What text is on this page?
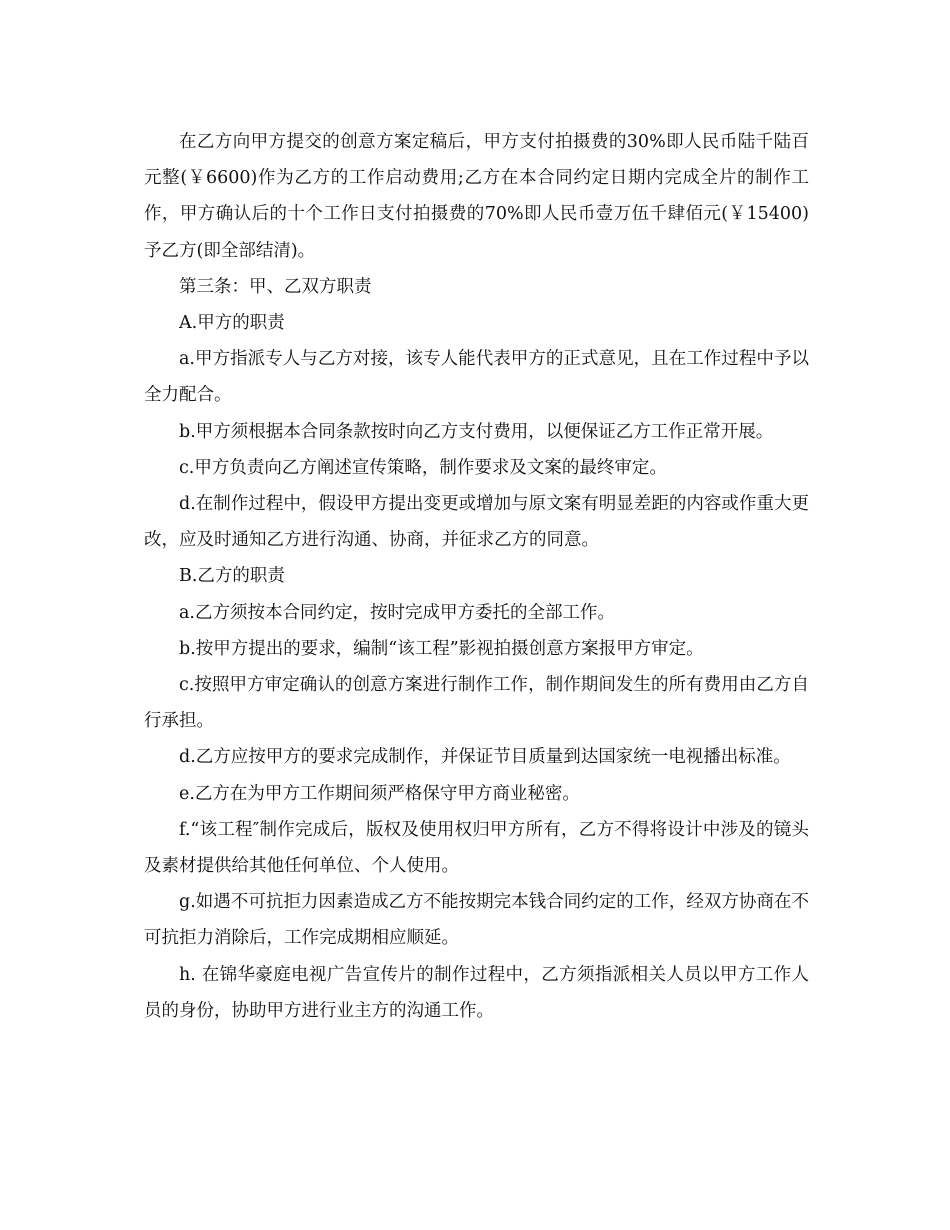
在乙方向甲方提交的创意方案定稿后，甲方支付拍摄费的30%即人民币陆千陆百元整(￥6600)作为乙方的工作启动费用;乙方在本合同约定日期内完成全片的制作工作，甲方确认后的十个工作日支付拍摄费的70%即人民币壹万伍千肆佰元(￥15400)予乙方(即全部结清)。

第三条：甲、乙双方职责

A.甲方的职责

a.甲方指派专人与乙方对接，该专人能代表甲方的正式意见，且在工作过程中予以全力配合。

b.甲方须根据本合同条款按时向乙方支付费用，以便保证乙方工作正常开展。

c.甲方负责向乙方阐述宣传策略，制作要求及文案的最终审定。

d.在制作过程中，假设甲方提出变更或增加与原文案有明显差距的内容或作重大更改，应及时通知乙方进行沟通、协商，并征求乙方的同意。

B.乙方的职责

a.乙方须按本合同约定，按时完成甲方委托的全部工作。

b.按甲方提出的要求，编制“该工程”影视拍摄创意方案报甲方审定。

c.按照甲方审定确认的创意方案进行制作工作，制作期间发生的所有费用由乙方自行承担。

d.乙方应按甲方的要求完成制作，并保证节目质量到达国家统一电视播出标准。

e.乙方在为甲方工作期间须严格保守甲方商业秘密。

f.“该工程″制作完成后，版权及使用权归甲方所有，乙方不得将设计中涉及的镜头及素材提供给其他任何单位、个人使用。

g.如遇不可抗拒力因素造成乙方不能按期完本钱合同约定的工作，经双方协商在不可抗拒力消除后，工作完成期相应顺延。

h. 在锦华豪庭电视广告宣传片的制作过程中，乙方须指派相关人员以甲方工作人员的身份，协助甲方进行业主方的沟通工作。
